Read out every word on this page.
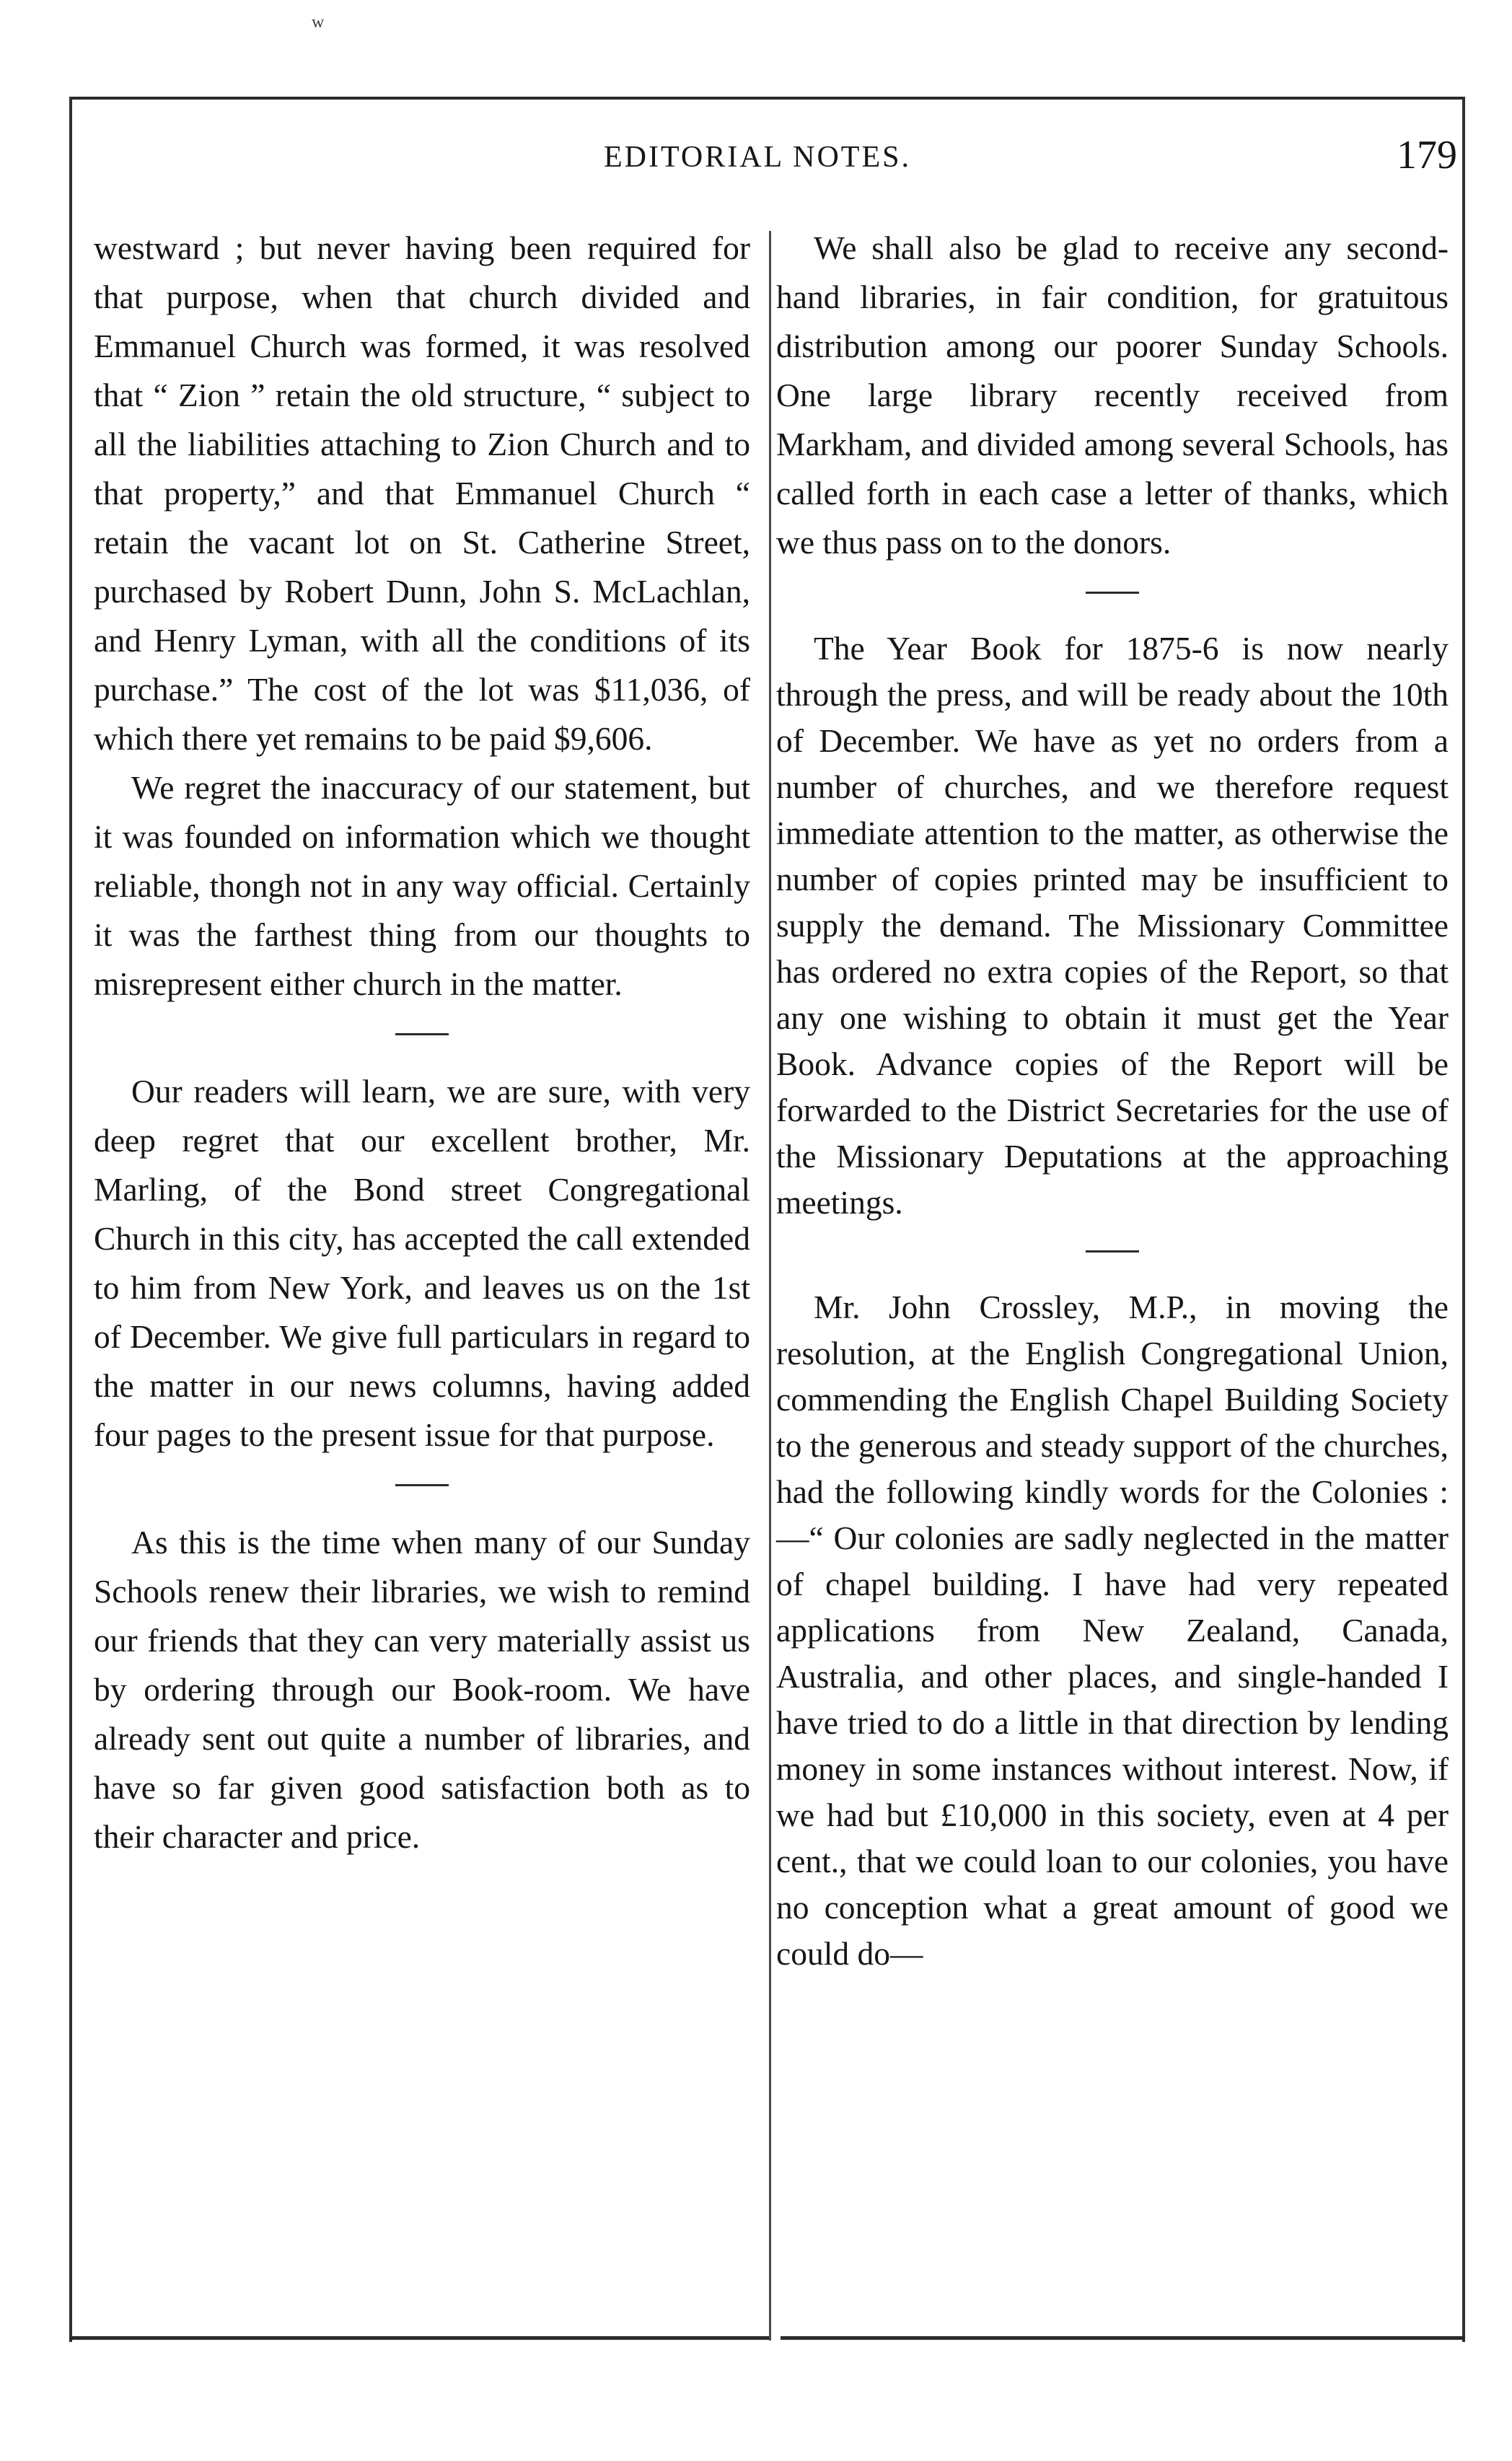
w
EDITORIAL NOTES.	179

westward ; but never having been required for that purpose, when that church divided and Emmanuel Church was formed, it was resolved that “ Zion ” retain the old structure, “ subject to all the liabilities attaching to Zion Church and to that property,” and that Emmanuel Church “ retain the vacant lot on St. Catherine Street, purchased by Robert Dunn, John S. McLachlan, and Henry Lyman, with all the conditions of its purchase.” The cost of the lot was $11,036, of which there yet remains to be paid $9,606.

We regret the inaccuracy of our statement, but it was founded on information which we thought reliable, thongh not in any way official. Certainly it was the farthest thing from our thoughts to misrepresent either church in the matter.

Our readers will learn, we are sure, with very deep regret that our excellent brother, Mr. Marling, of the Bond street Congregational Church in this city, has accepted the call extended to him from New York, and leaves us on the 1st of December. We give full particulars in regard to the matter in our news columns, having added four pages to the present issue for that purpose.

As this is the time when many of our Sunday Schools renew their libraries, we wish to remind our friends that they can very materially assist us by ordering through our Book-room. We have already sent out quite a number of libraries, and have so far given good satisfaction both as to their character and price.

We shall also be glad to receive any second-hand libraries, in fair condition, for gratuitous distribution among our poorer Sunday Schools. One large library recently received from Markham, and divided among several Schools, has called forth in each case a letter of thanks, which we thus pass on to the donors.

The Year Book for 1875-6 is now nearly through the press, and will be ready about the 10th of December. We have as yet no orders from a number of churches, and we therefore request immediate attention to the matter, as otherwise the number of copies printed may be insufficient to supply the demand. The Missionary Committee has ordered no extra copies of the Report, so that any one wishing to obtain it must get the Year Book. Advance copies of the Report will be forwarded to the District Secretaries for the use of the Missionary Deputations at the approaching meetings.

Mr. John Crossley, M.P., in moving the resolution, at the English Congregational Union, commending the English Chapel Building Society to the generous and steady support of the churches, had the following kindly words for the Colonies :—“ Our colonies are sadly neglected in the matter of chapel building. I have had very repeated applications from New Zealand, Canada, Australia, and other places, and single-handed I have tried to do a little in that direction by lending money in some instances without interest. Now, if we had but £10,000 in this society, even at 4 per cent., that we could loan to our colonies, you have no conception what a great amount of good we could do—
